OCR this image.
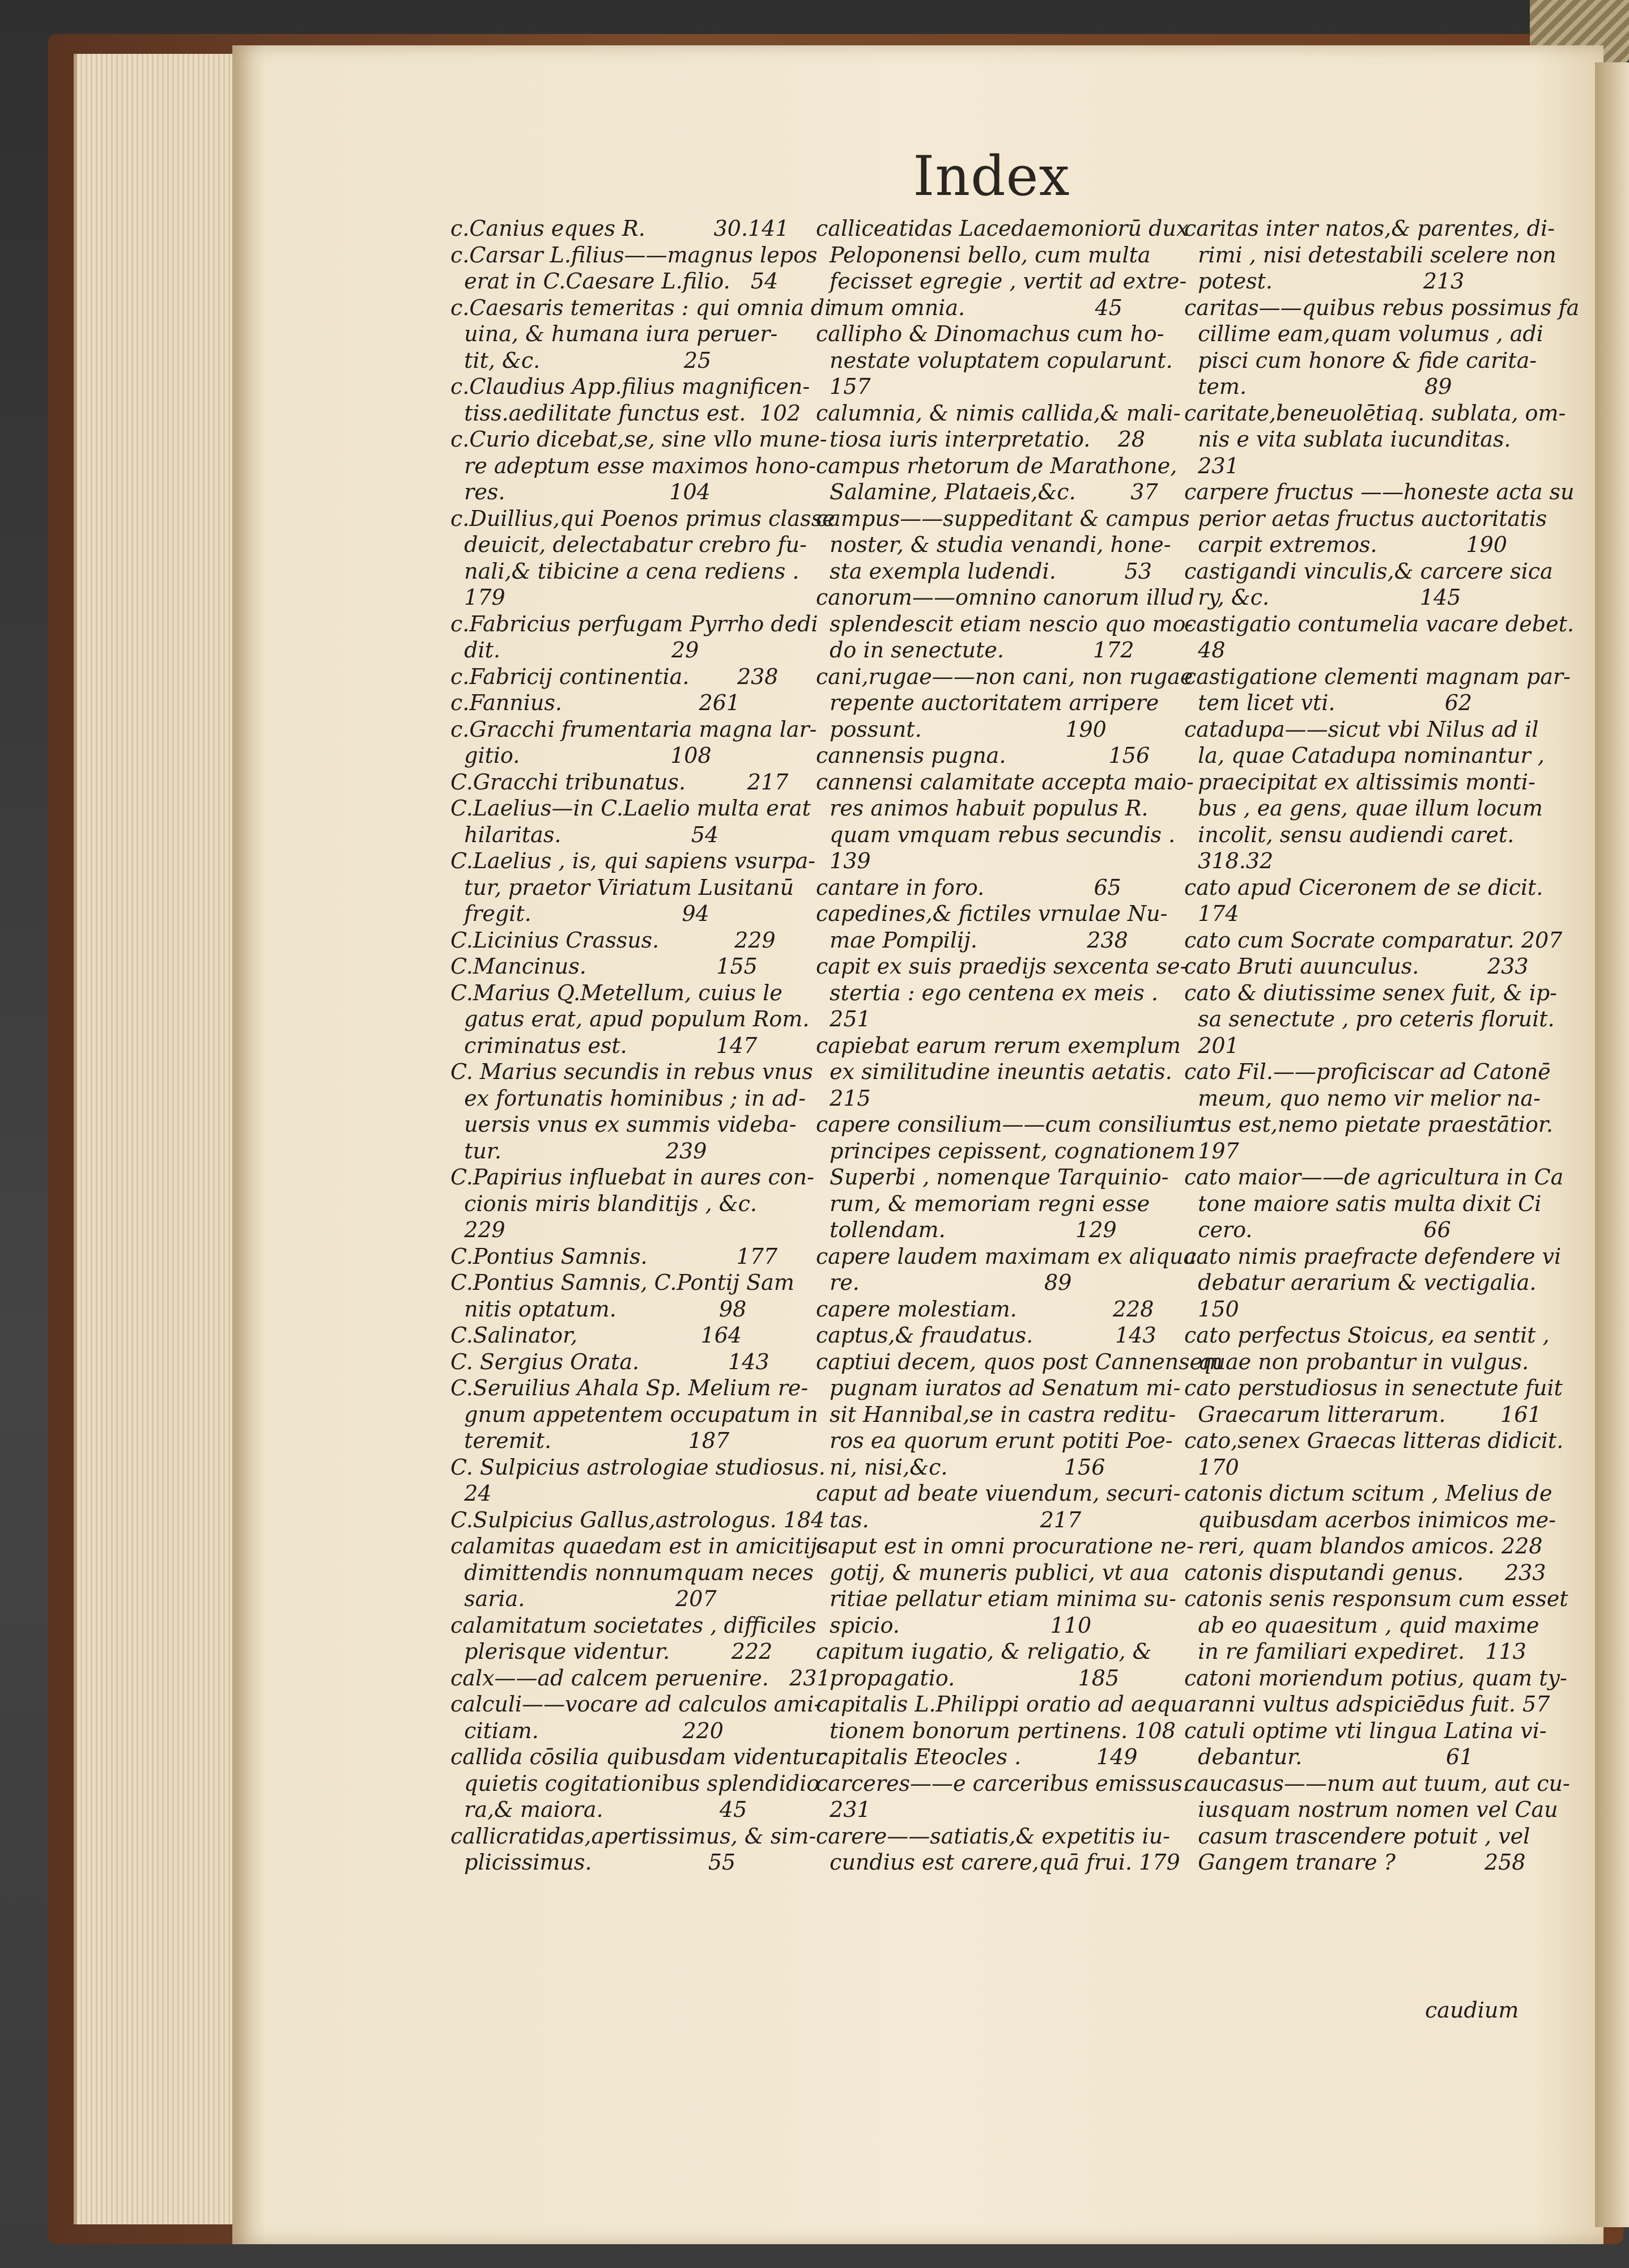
Index
c.Canius eques R.          30.141
c.Carsar L.filius——magnus lepos
erat in C.Caesare L.filio.   54
c.Caesaris temeritas : qui omnia di
uina, & humana iura peruer-
tit, &c.                     25
c.Claudius App.filius magnificen-
tiss.aedilitate functus est.  102
c.Curio dicebat,se, sine vllo mune-
re adeptum esse maximos hono-
res.                        104
c.Duillius,qui Poenos primus classe
deuicit, delectabatur crebro fu-
nali,& tibicine a cena rediens .
179
c.Fabricius perfugam Pyrrho dedi
dit.                         29
c.Fabricij continentia.       238
c.Fannius.                    261
c.Gracchi frumentaria magna lar-
gitio.                      108
C.Gracchi tribunatus.         217
C.Laelius—in C.Laelio multa erat
hilaritas.                   54
C.Laelius , is, qui sapiens vsurpa-
tur, praetor Viriatum Lusitanū
fregit.                      94
C.Licinius Crassus.           229
C.Mancinus.                   155
C.Marius Q.Metellum, cuius le
gatus erat, apud populum Rom.
criminatus est.             147
C. Marius secundis in rebus vnus
ex fortunatis hominibus ; in ad-
uersis vnus ex summis videba-
tur.                        239
C.Papirius influebat in aures con-
cionis miris blanditijs , &c.
229
C.Pontius Samnis.             177
C.Pontius Samnis, C.Pontij Sam
nitis optatum.               98
C.Salinator,                  164
C. Sergius Orata.             143
C.Seruilius Ahala Sp. Melium re-
gnum appetentem occupatum in
teremit.                    187
C. Sulpicius astrologiae studiosus.
24
C.Sulpicius Gallus,astrologus. 184
calamitas quaedam est in amicitijs
dimittendis nonnumquam neces
saria.                      207
calamitatum societates , difficiles
plerisque videntur.         222
calx——ad calcem peruenire.   231
calculi——vocare ad calculos ami-
citiam.                     220
callida cōsilia quibusdam videntur
quietis cogitationibus splendidio
ra,& maiora.                 45
callicratidas,apertissimus, & sim-
plicissimus.                 55
calliceatidas Lacedaemoniorū dux
Peloponensi bello, cum multa
fecisset egregie , vertit ad extre-
mum omnia.                   45
callipho & Dinomachus cum ho-
nestate voluptatem copularunt.
157
calumnia, & nimis callida,& mali-
tiosa iuris interpretatio.    28
campus rhetorum de Marathone,
Salamine, Plataeis,&c.        37
campus——suppeditant & campus
noster, & studia venandi, hone-
sta exempla ludendi.          53
canorum——omnino canorum illud
splendescit etiam nescio quo mo-
do in senectute.             172
cani,rugae——non cani, non rugae
repente auctoritatem arripere
possunt.                     190
cannensis pugna.               156
cannensi calamitate accepta maio-
res animos habuit populus R.
quam vmquam rebus secundis .
139
cantare in foro.                65
capedines,& fictiles vrnulae Nu-
mae Pompilij.                238
capit ex suis praedijs sexcenta se-
stertia : ego centena ex meis .
251
capiebat earum rerum exemplum
ex similitudine ineuntis aetatis.
215
capere consilium——cum consilium
principes cepissent, cognationem
Superbi , nomenque Tarquinio-
rum, & memoriam regni esse
tollendam.                   129
capere laudem maximam ex aliqua
re.                           89
capere molestiam.              228
captus,& fraudatus.            143
captiui decem, quos post Cannensem
pugnam iuratos ad Senatum mi-
sit Hannibal,se in castra reditu-
ros ea quorum erunt potiti Poe-
ni, nisi,&c.                 156
caput ad beate viuendum, securi-
tas.                         217
caput est in omni procuratione ne-
gotij, & muneris publici, vt aua
ritiae pellatur etiam minima su-
spicio.                      110
capitum iugatio, & religatio, &
propagatio.                  185
capitalis L.Philippi oratio ad aequa
tionem bonorum pertinens. 108
capitalis Eteocles .           149
carceres——e carceribus emissus.
231
carere——satiatis,& expetitis iu-
cundius est carere,quā frui. 179
caritas inter natos,& parentes, di-
rimi , nisi detestabili scelere non
potest.                      213
caritas——quibus rebus possimus fa
cillime eam,quam volumus , adi
pisci cum honore & fide carita-
tem.                          89
caritate,beneuolētiaq. sublata, om-
nis e vita sublata iucunditas.
231
carpere fructus ——honeste acta su
perior aetas fructus auctoritatis
carpit extremos.             190
castigandi vinculis,& carcere sica
ry, &c.                      145
castigatio contumelia vacare debet.
48
castigatione clementi magnam par-
tem licet vti.                62
catadupa——sicut vbi Nilus ad il
la, quae Catadupa nominantur ,
praecipitat ex altissimis monti-
bus , ea gens, quae illum locum
incolit, sensu audiendi caret.
318.32
cato apud Ciceronem de se dicit.
174
cato cum Socrate comparatur. 207
cato Bruti auunculus.          233
cato & diutissime senex fuit, & ip-
sa senectute , pro ceteris floruit.
201
cato Fil.——proficiscar ad Catonē
meum, quo nemo vir melior na-
tus est,nemo pietate praestātior.
197
cato maior——de agricultura in Ca
tone maiore satis multa dixit Ci
cero.                         66
cato nimis praefracte defendere vi
debatur aerarium & vectigalia.
150
cato perfectus Stoicus, ea sentit ,
quae non probantur in vulgus.
cato perstudiosus in senectute fuit
Graecarum litterarum.        161
cato,senex Graecas litteras didicit.
170
catonis dictum scitum , Melius de
quibusdam acerbos inimicos me-
reri, quam blandos amicos. 228
catonis disputandi genus.      233
catonis senis responsum cum esset
ab eo quaesitum , quid maxime
in re familiari expediret.   113
catoni moriendum potius, quam ty-
ranni vultus adspiciēdus fuit. 57
catuli optime vti lingua Latina vi-
debantur.                     61
caucasus——num aut tuum, aut cu-
iusquam nostrum nomen vel Cau
casum trascendere potuit , vel
Gangem tranare ?             258
caudium
